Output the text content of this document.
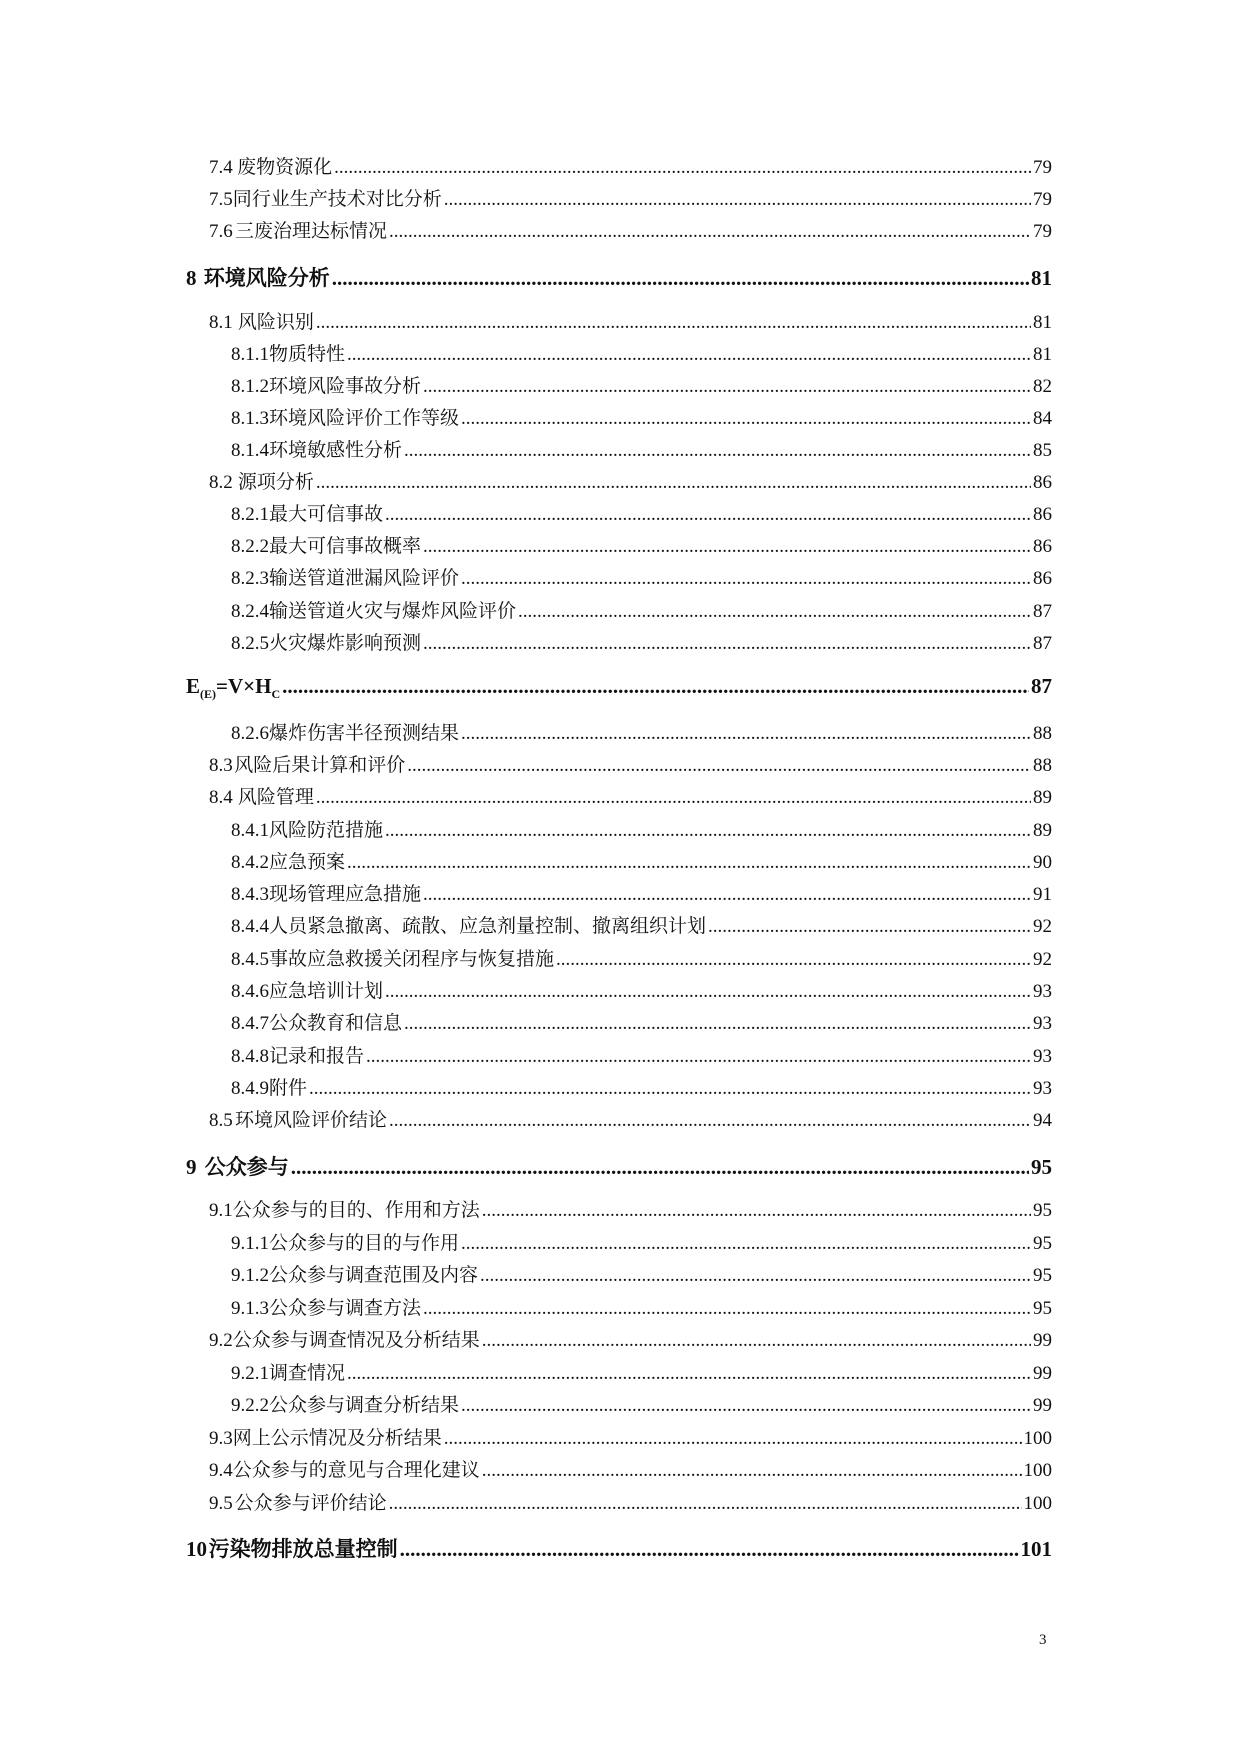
7.4 废物资源化 .....	79
7.5 同行业生产技术对比分析 .....	79
7.6 三废治理达标情况 .....	79
8 环境风险分析 .....	81
8.1 风险识别 .....	81
8.1.1 物质特性 .....	81
8.1.2 环境风险事故分析 .....	82
8.1.3 环境风险评价工作等级 .....	84
8.1.4 环境敏感性分析 .....	85
8.2 源项分析 .....	86
8.2.1 最大可信事故 .....	86
8.2.2 最大可信事故概率 .....	86
8.2.3 输送管道泄漏风险评价 .....	86
8.2.4 输送管道火灾与爆炸风险评价 .....	87
8.2.5 火灾爆炸影响预测 .....	87
$E_{(E)}=V\times H_C$ .....	87
8.2.6 爆炸伤害半径预测结果 .....	88
8.3 风险后果计算和评价 .....	88
8.4 风险管理 .....	89
8.4.1 风险防范措施 .....	89
8.4.2 应急预案 .....	90
8.4.3 现场管理应急措施 .....	91
8.4.4 人员紧急撤离、疏散、应急剂量控制、撤离组织计划 .....	92
8.4.5 事故应急救援关闭程序与恢复措施 .....	92
8.4.6 应急培训计划 .....	93
8.4.7 公众教育和信息 .....	93
8.4.8 记录和报告 .....	93
8.4.9 附件 .....	93
8.5 环境风险评价结论 .....	94
9 公众参与 .....	95
9.1 公众参与的目的、作用和方法 .....	95
9.1.1 公众参与的目的与作用 .....	95
9.1.2 公众参与调查范围及内容 .....	95
9.1.3 公众参与调查方法 .....	95
9.2 公众参与调查情况及分析结果 .....	99
9.2.1 调查情况 .....	99
9.2.2 公众参与调查分析结果 .....	99
9.3 网上公示情况及分析结果 .....	100
9.4 公众参与的意见与合理化建议 .....	100
9.5 公众参与评价结论 .....	100
10 污染物排放总量控制 .....	101
3
